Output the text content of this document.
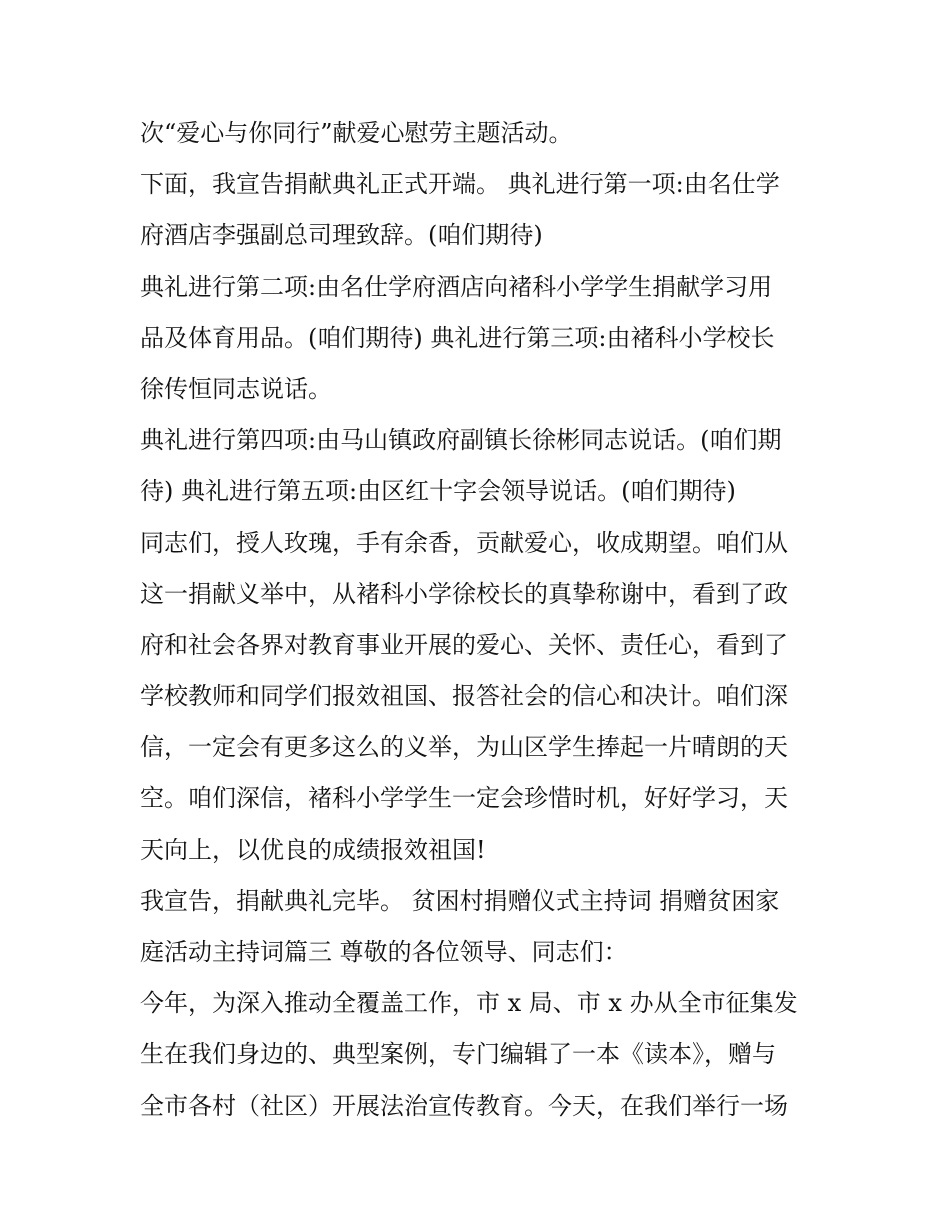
次“爱心与你同行”献爱心慰劳主题活动。
下面，我宣告捐献典礼正式开端。 典礼进行第一项:由名仕学
府酒店李强副总司理致辞。(咱们期待)
典礼进行第二项:由名仕学府酒店向褚科小学学生捐献学习用
品及体育用品。(咱们期待) 典礼进行第三项:由褚科小学校长
徐传恒同志说话。
典礼进行第四项:由马山镇政府副镇长徐彬同志说话。(咱们期
待) 典礼进行第五项:由区红十字会领导说话。(咱们期待)
同志们，授人玫瑰，手有余香，贡献爱心，收成期望。咱们从
这一捐献义举中，从褚科小学徐校长的真挚称谢中，看到了政
府和社会各界对教育事业开展的爱心、关怀、责任心，看到了
学校教师和同学们报效祖国、报答社会的信心和决计。咱们深
信，一定会有更多这么的义举，为山区学生捧起一片晴朗的天
空。咱们深信，褚科小学学生一定会珍惜时机，好好学习，天
天向上，以优良的成绩报效祖国!
我宣告，捐献典礼完毕。 贫困村捐赠仪式主持词 捐赠贫困家
庭活动主持词篇三 尊敬的各位领导、同志们：
今年，为深入推动全覆盖工作，市 x 局、市 x 办从全市征集发
生在我们身边的、典型案例，专门编辑了一本《读本》，赠与
全市各村（社区）开展法治宣传教育。今天，在我们举行一场
